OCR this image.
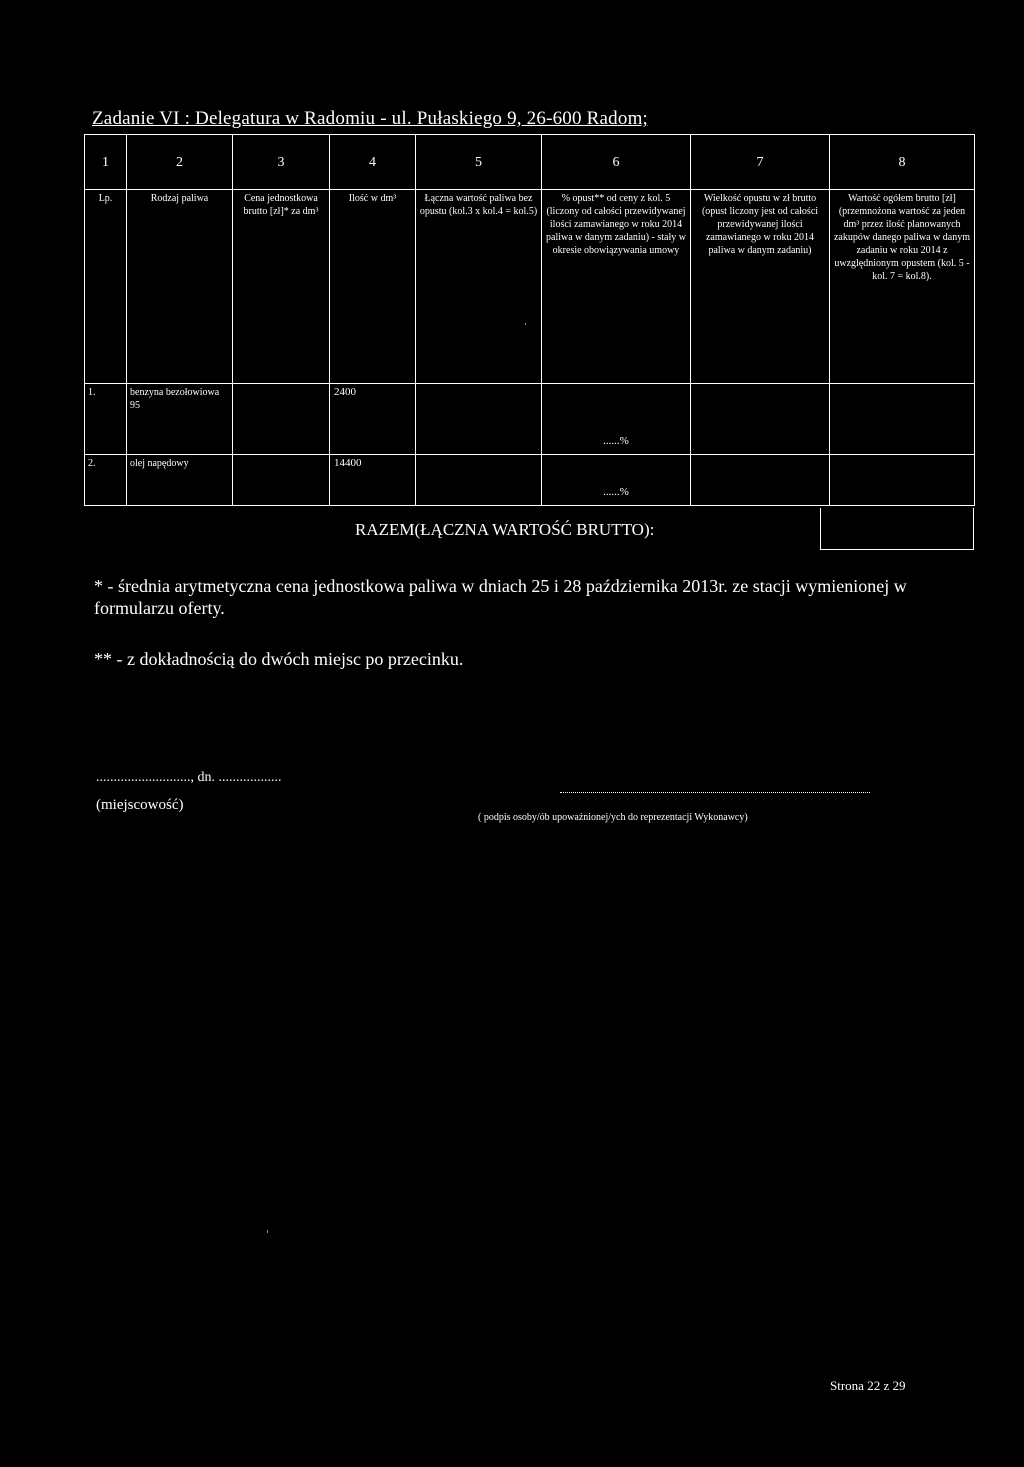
Zadanie VI : Delegatura w Radomiu - ul. Pułaskiego 9, 26-600 Radom;
1	2	3	4	5	6	7	8
Lp.	Rodzaj paliwa	Cena jednostkowa brutto [zł]* za dm³	Ilość w dm³	Łączna wartość paliwa bez opustu (kol.3 x kol.4 = kol.5)	% opust** od ceny z kol. 5 (liczony od całości przewidywanej ilości zamawianego w roku 2014 paliwa w danym zadaniu) - stały w okresie obowiązywania umowy	Wielkość opustu w zł brutto (opust liczony jest od całości przewidywanej ilości zamawianego w roku 2014 paliwa w danym zadaniu)	Wartość ogółem brutto [zł] (przemnożona wartość za jeden dm³ przez ilość planowanych zakupów danego paliwa w danym zadaniu w roku 2014 z uwzględnionym opustem (kol. 5 - kol. 7 = kol.8).
1.	benzyna bezołowiowa 95		2400		......%		
2.	olej napędowy		14400		......%		
RAZEM(ŁĄCZNA WARTOŚĆ BRUTTO):
* - średnia arytmetyczna cena jednostkowa paliwa w dniach 25 i 28 października 2013r. ze stacji wymienionej w formularzu oferty.
** - z dokładnością do dwóch miejsc po przecinku.
..........................., dn. ..................
(miejscowość)
( podpis osoby/ób upoważnionej/ych do reprezentacji Wykonawcy)
Strona 22 z 29
